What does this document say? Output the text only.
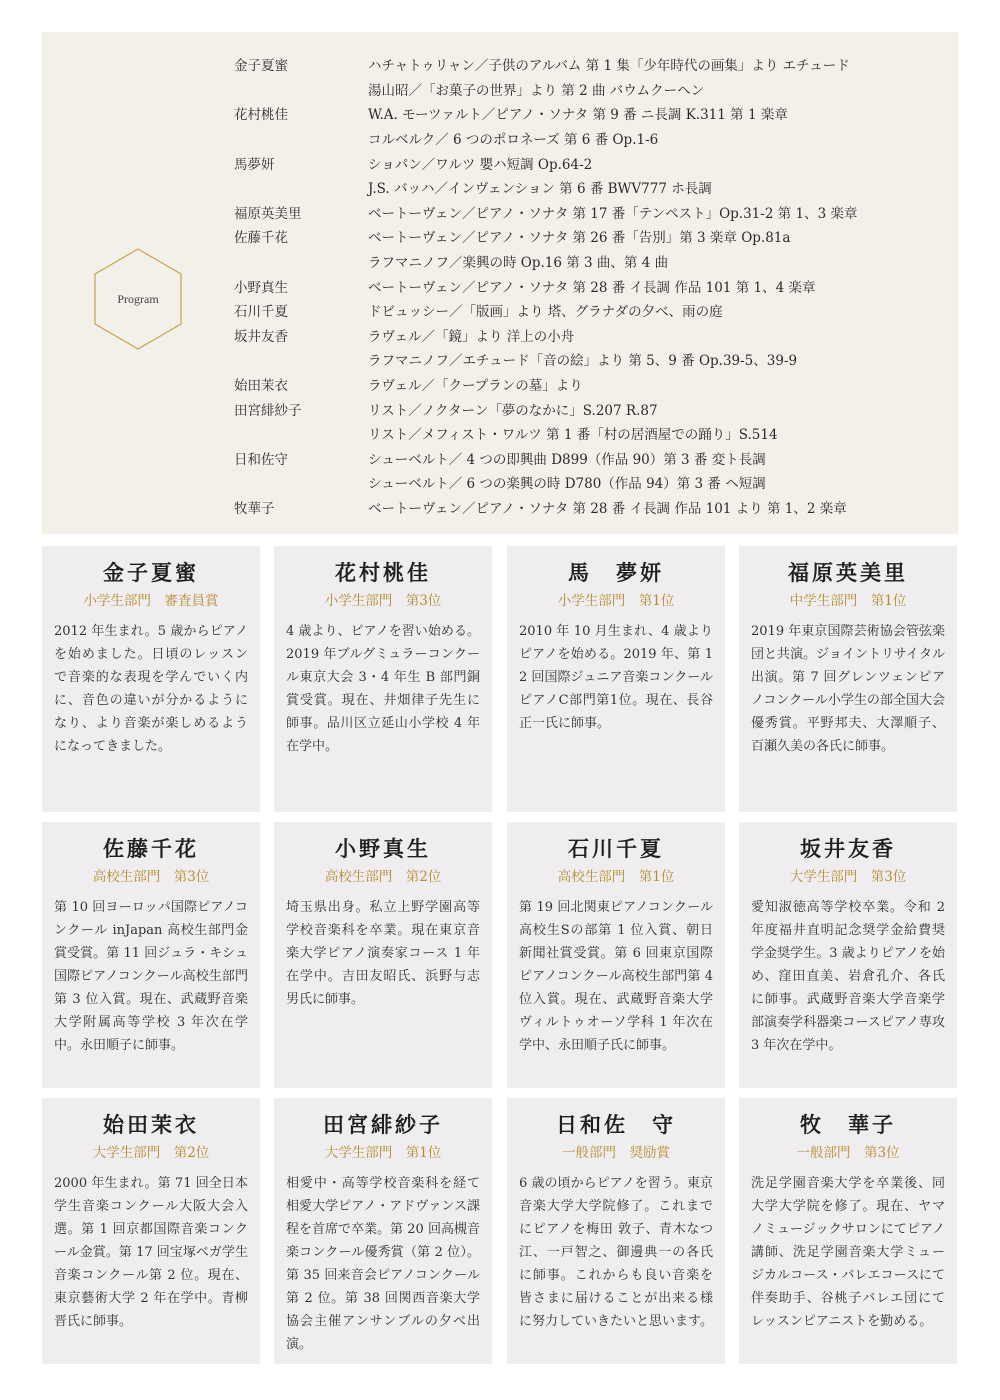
Program
金子夏蜜	ハチャトゥリャン／子供のアルバム 第 1 集「少年時代の画集」より エチュード
湯山昭／「お菓子の世界」より 第 2 曲 バウムクーヘン
花村桃佳	W.A. モーツァルト／ピアノ・ソナタ 第 9 番 ニ長調 K.311 第 1 楽章
コルベルク／ 6 つのポロネーズ 第 6 番 Op.1-6
馬夢妍	ショパン／ワルツ 嬰ハ短調 Op.64-2
J.S. バッハ／インヴェンション 第 6 番 BWV777 ホ長調
福原英美里	ベートーヴェン／ピアノ・ソナタ 第 17 番「テンペスト」Op.31-2 第 1、3 楽章
佐藤千花	ベートーヴェン／ピアノ・ソナタ 第 26 番「告別」第 3 楽章 Op.81a
ラフマニノフ／楽興の時 Op.16 第 3 曲、第 4 曲
小野真生	ベートーヴェン／ピアノ・ソナタ 第 28 番 イ長調 作品 101 第 1、4 楽章
石川千夏	ドビュッシー／「版画」より 塔、グラナダの夕べ、雨の庭
坂井友香	ラヴェル／「鏡」より 洋上の小舟
ラフマニノフ／エチュード「音の絵」より 第 5、9 番 Op.39-5、39-9
始田茉衣	ラヴェル／「クープランの墓」より
田宮緋紗子	リスト／ノクターン「夢のなかに」S.207 R.87
リスト／メフィスト・ワルツ 第 1 番「村の居酒屋での踊り」S.514
日和佐守	シューベルト／ 4 つの即興曲 D899（作品 90）第 3 番 変ト長調
シューベルト／ 6 つの楽興の時 D780（作品 94）第 3 番 ヘ短調
牧華子	ベートーヴェン／ピアノ・ソナタ 第 28 番 イ長調 作品 101 より 第 1、2 楽章
金子夏蜜
小学生部門　審査員賞
2012 年生まれ。5 歳からピアノを始めました。日頃のレッスンで音楽的な表現を学んでいく内に、音色の違いが分かるようになり、より音楽が楽しめるようになってきました。
花村桃佳
小学生部門　第3位
4 歳より、ピアノを習い始める。2019 年ブルグミュラーコンクール東京大会 3・4 年生 B 部門銅賞受賞。現在、井畑律子先生に師事。品川区立延山小学校 4 年在学中。
馬　夢妍
小学生部門　第1位
2010 年 10 月生まれ、4 歳よりピアノを始める。2019 年、第 12 回国際ジュニア音楽コンクールピアノC部門第1位。現在、長谷正一氏に師事。
福原英美里
中学生部門　第1位
2019 年東京国際芸術協会管弦楽団と共演。ジョイントリサイタル出演。第 7 回グレンツェンピアノコンクール小学生の部全国大会優秀賞。平野邦夫、大澤順子、百瀬久美の各氏に師事。
佐藤千花
高校生部門　第3位
第 10 回ヨーロッパ国際ピアノコンクール inJapan 高校生部門金賞受賞。第 11 回ジュラ・キシュ国際ピアノコンクール高校生部門第 3 位入賞。現在、武蔵野音楽大学附属高等学校 3 年次在学中。永田順子に師事。
小野真生
高校生部門　第2位
埼玉県出身。私立上野学園高等学校音楽科を卒業。現在東京音楽大学ピアノ演奏家コース 1 年在学中。吉田友昭氏、浜野与志男氏に師事。
石川千夏
高校生部門　第1位
第 19 回北関東ピアノコンクール高校生Sの部第 1 位入賞、朝日新聞社賞受賞。第 6 回東京国際ピアノコンクール高校生部門第 4 位入賞。現在、武蔵野音楽大学ヴィルトゥオーソ学科 1 年次在学中、永田順子氏に師事。
坂井友香
大学生部門　第3位
愛知淑徳高等学校卒業。令和 2 年度福井直明記念奨学金給費奨学金奨学生。3 歳よりピアノを始め、窪田直美、岩倉孔介、各氏に師事。武蔵野音楽大学音楽学部演奏学科器楽コースピアノ専攻 3 年次在学中。
始田茉衣
大学生部門　第2位
2000 年生まれ。第 71 回全日本学生音楽コンクール大阪大会入選。第 1 回京都国際音楽コンクール金賞。第 17 回宝塚ベガ学生音楽コンクール第 2 位。現在、東京藝術大学 2 年在学中。青柳晋氏に師事。
田宮緋紗子
大学生部門　第1位
相愛中・高等学校音楽科を経て相愛大学ピアノ・アドヴァンス課程を首席で卒業。第 20 回高槻音楽コンクール優秀賞（第 2 位）。第 35 回来音会ピアノコンクール第 2 位。第 38 回関西音楽大学協会主催アンサンブルの夕べ出演。
日和佐　守
一般部門　奨励賞
6 歳の頃からピアノを習う。東京音楽大学大学院修了。これまでにピアノを梅田 敦子、青木なつ江、一戸智之、御邊典一の各氏に師事。これからも良い音楽を皆さまに届けることが出来る様に努力していきたいと思います。
牧　華子
一般部門　第3位
洗足学園音楽大学を卒業後、同大学大学院を修了。現在、ヤマノミュージックサロンにてピアノ講師、洗足学園音楽大学ミュージカルコース・バレエコースにて伴奏助手、谷桃子バレエ団にてレッスンピアニストを勤める。
